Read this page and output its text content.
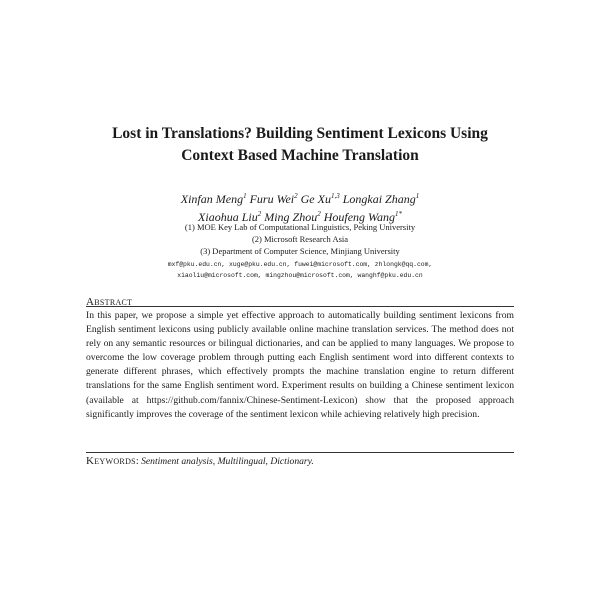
Lost in Translations? Building Sentiment Lexicons Using
Context Based Machine Translation
Xinfan Meng$^1$ Furu Wei$^2$ Ge Xu$^{1,3}$ Longkai Zhang$^1$
Xiaohua Liu$^2$ Ming Zhou$^2$ Houfeng Wang$^{1*}$
(1) MOE Key Lab of Computational Linguistics, Peking University
(2) Microsoft Research Asia
(3) Department of Computer Science, Minjiang University
mxf@pku.edu.cn, xuge@pku.edu.cn, fuwei@microsoft.com, zhlongk@qq.com,
xiaoliu@microsoft.com, mingzhou@microsoft.com, wanghf@pku.edu.cn
Abstract
In this paper, we propose a simple yet effective approach to automatically building sentiment lexicons from English sentiment lexicons using publicly available online machine translation services. The method does not rely on any semantic resources or bilingual dictionaries, and can be applied to many languages. We propose to overcome the low coverage problem through putting each English sentiment word into different contexts to generate different phrases, which effectively prompts the machine translation engine to return different translations for the same English sentiment word. Experiment results on building a Chinese sentiment lexicon (available at https://github.com/fannix/Chinese-Sentiment-Lexicon) show that the proposed approach significantly improves the coverage of the sentiment lexicon while achieving relatively high precision.
Keywords: Sentiment analysis, Multilingual, Dictionary.
